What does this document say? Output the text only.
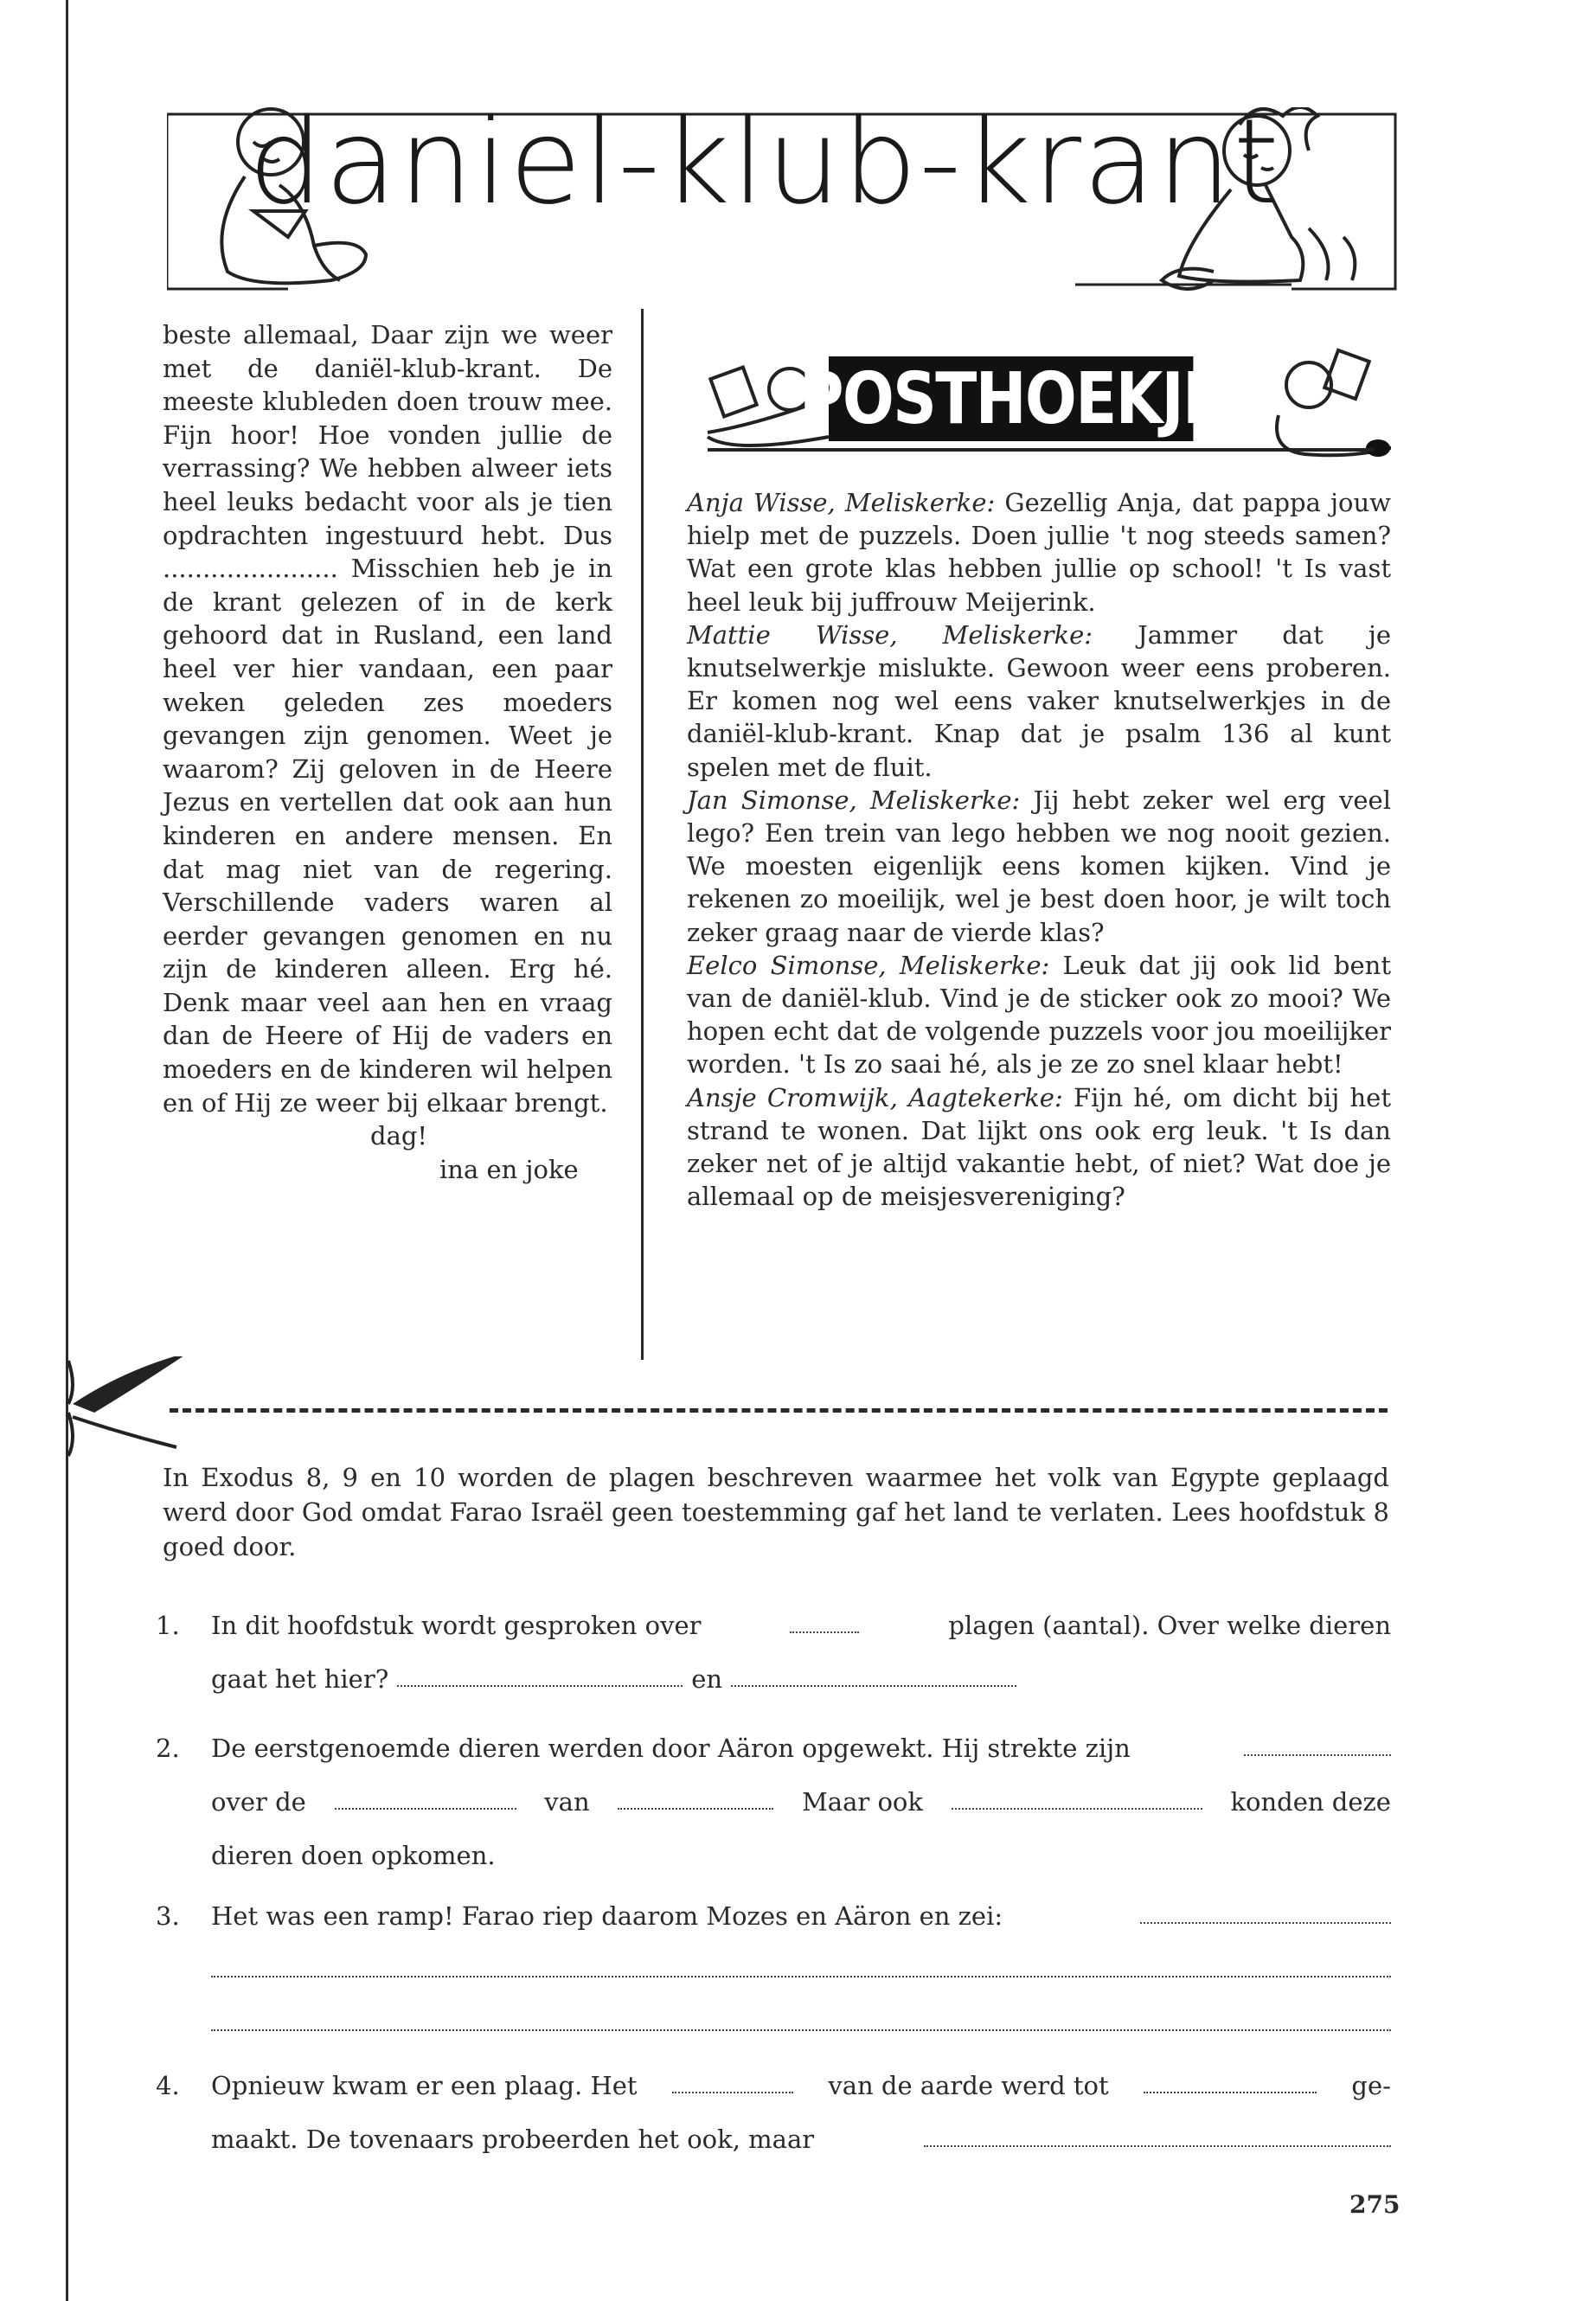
daniel-klub-krant

beste allemaal, Daar zijn we weer met de daniël-klub-krant. De meeste klubleden doen trouw mee. Fijn hoor! Hoe vonden jullie de verrassing? We hebben alweer iets heel leuks bedacht voor als je tien opdrachten ingestuurd hebt. Dus ...................... Misschien heb je in de krant gelezen of in de kerk gehoord dat in Rusland, een land heel ver hier vandaan, een paar weken geleden zes moeders gevangen zijn genomen. Weet je waarom? Zij geloven in de Heere Jezus en vertellen dat ook aan hun kinderen en andere mensen. En dat mag niet van de regering. Verschillende vaders waren al eerder gevangen genomen en nu zijn de kinderen alleen. Erg hé. Denk maar veel aan hen en vraag dan de Heere of Hij de vaders en moeders en de kinderen wil helpen en of Hij ze weer bij elkaar brengt.

dag!
ina en joke
POSTHOEKJE

Anja Wisse, Meliskerke: Gezellig Anja, dat pappa jouw hielp met de puzzels. Doen jullie 't nog steeds samen? Wat een grote klas hebben jullie op school! 't Is vast heel leuk bij juffrouw Meijerink.

Mattie Wisse, Meliskerke: Jammer dat je knutselwerkje mislukte. Gewoon weer eens proberen. Er komen nog wel eens vaker knutselwerkjes in de daniël-klub-krant. Knap dat je psalm 136 al kunt spelen met de fluit.

Jan Simonse, Meliskerke: Jij hebt zeker wel erg veel lego? Een trein van lego hebben we nog nooit gezien. We moesten eigenlijk eens komen kijken. Vind je rekenen zo moeilijk, wel je best doen hoor, je wilt toch zeker graag naar de vierde klas?

Eelco Simonse, Meliskerke: Leuk dat jij ook lid bent van de daniël-klub. Vind je de sticker ook zo mooi? We hopen echt dat de volgende puzzels voor jou moeilijker worden. 't Is zo saai hé, als je ze zo snel klaar hebt!

Ansje Cromwijk, Aagtekerke: Fijn hé, om dicht bij het strand te wonen. Dat lijkt ons ook erg leuk. 't Is dan zeker net of je altijd vakantie hebt, of niet? Wat doe je allemaal op de meisjesvereniging?

In Exodus 8, 9 en 10 worden de plagen beschreven waarmee het volk van Egypte geplaagd werd door God omdat Farao Israël geen toestemming gaf het land te verlaten. Lees hoofdstuk 8 goed door.
1. In dit hoofdstuk wordt gesproken over	plagen (aantal). Over welke dieren
gaat het hier?	en
2. De eerstgenoemde dieren werden door Aäron opgewekt. Hij strekte zijn
over de	van	Maar ook	konden deze
dieren doen opkomen.
3. Het was een ramp! Farao riep daarom Mozes en Aäron en zei:
4. Opnieuw kwam er een plaag. Het	van de aarde werd tot	ge-
maakt. De tovenaars probeerden het ook, maar
275
